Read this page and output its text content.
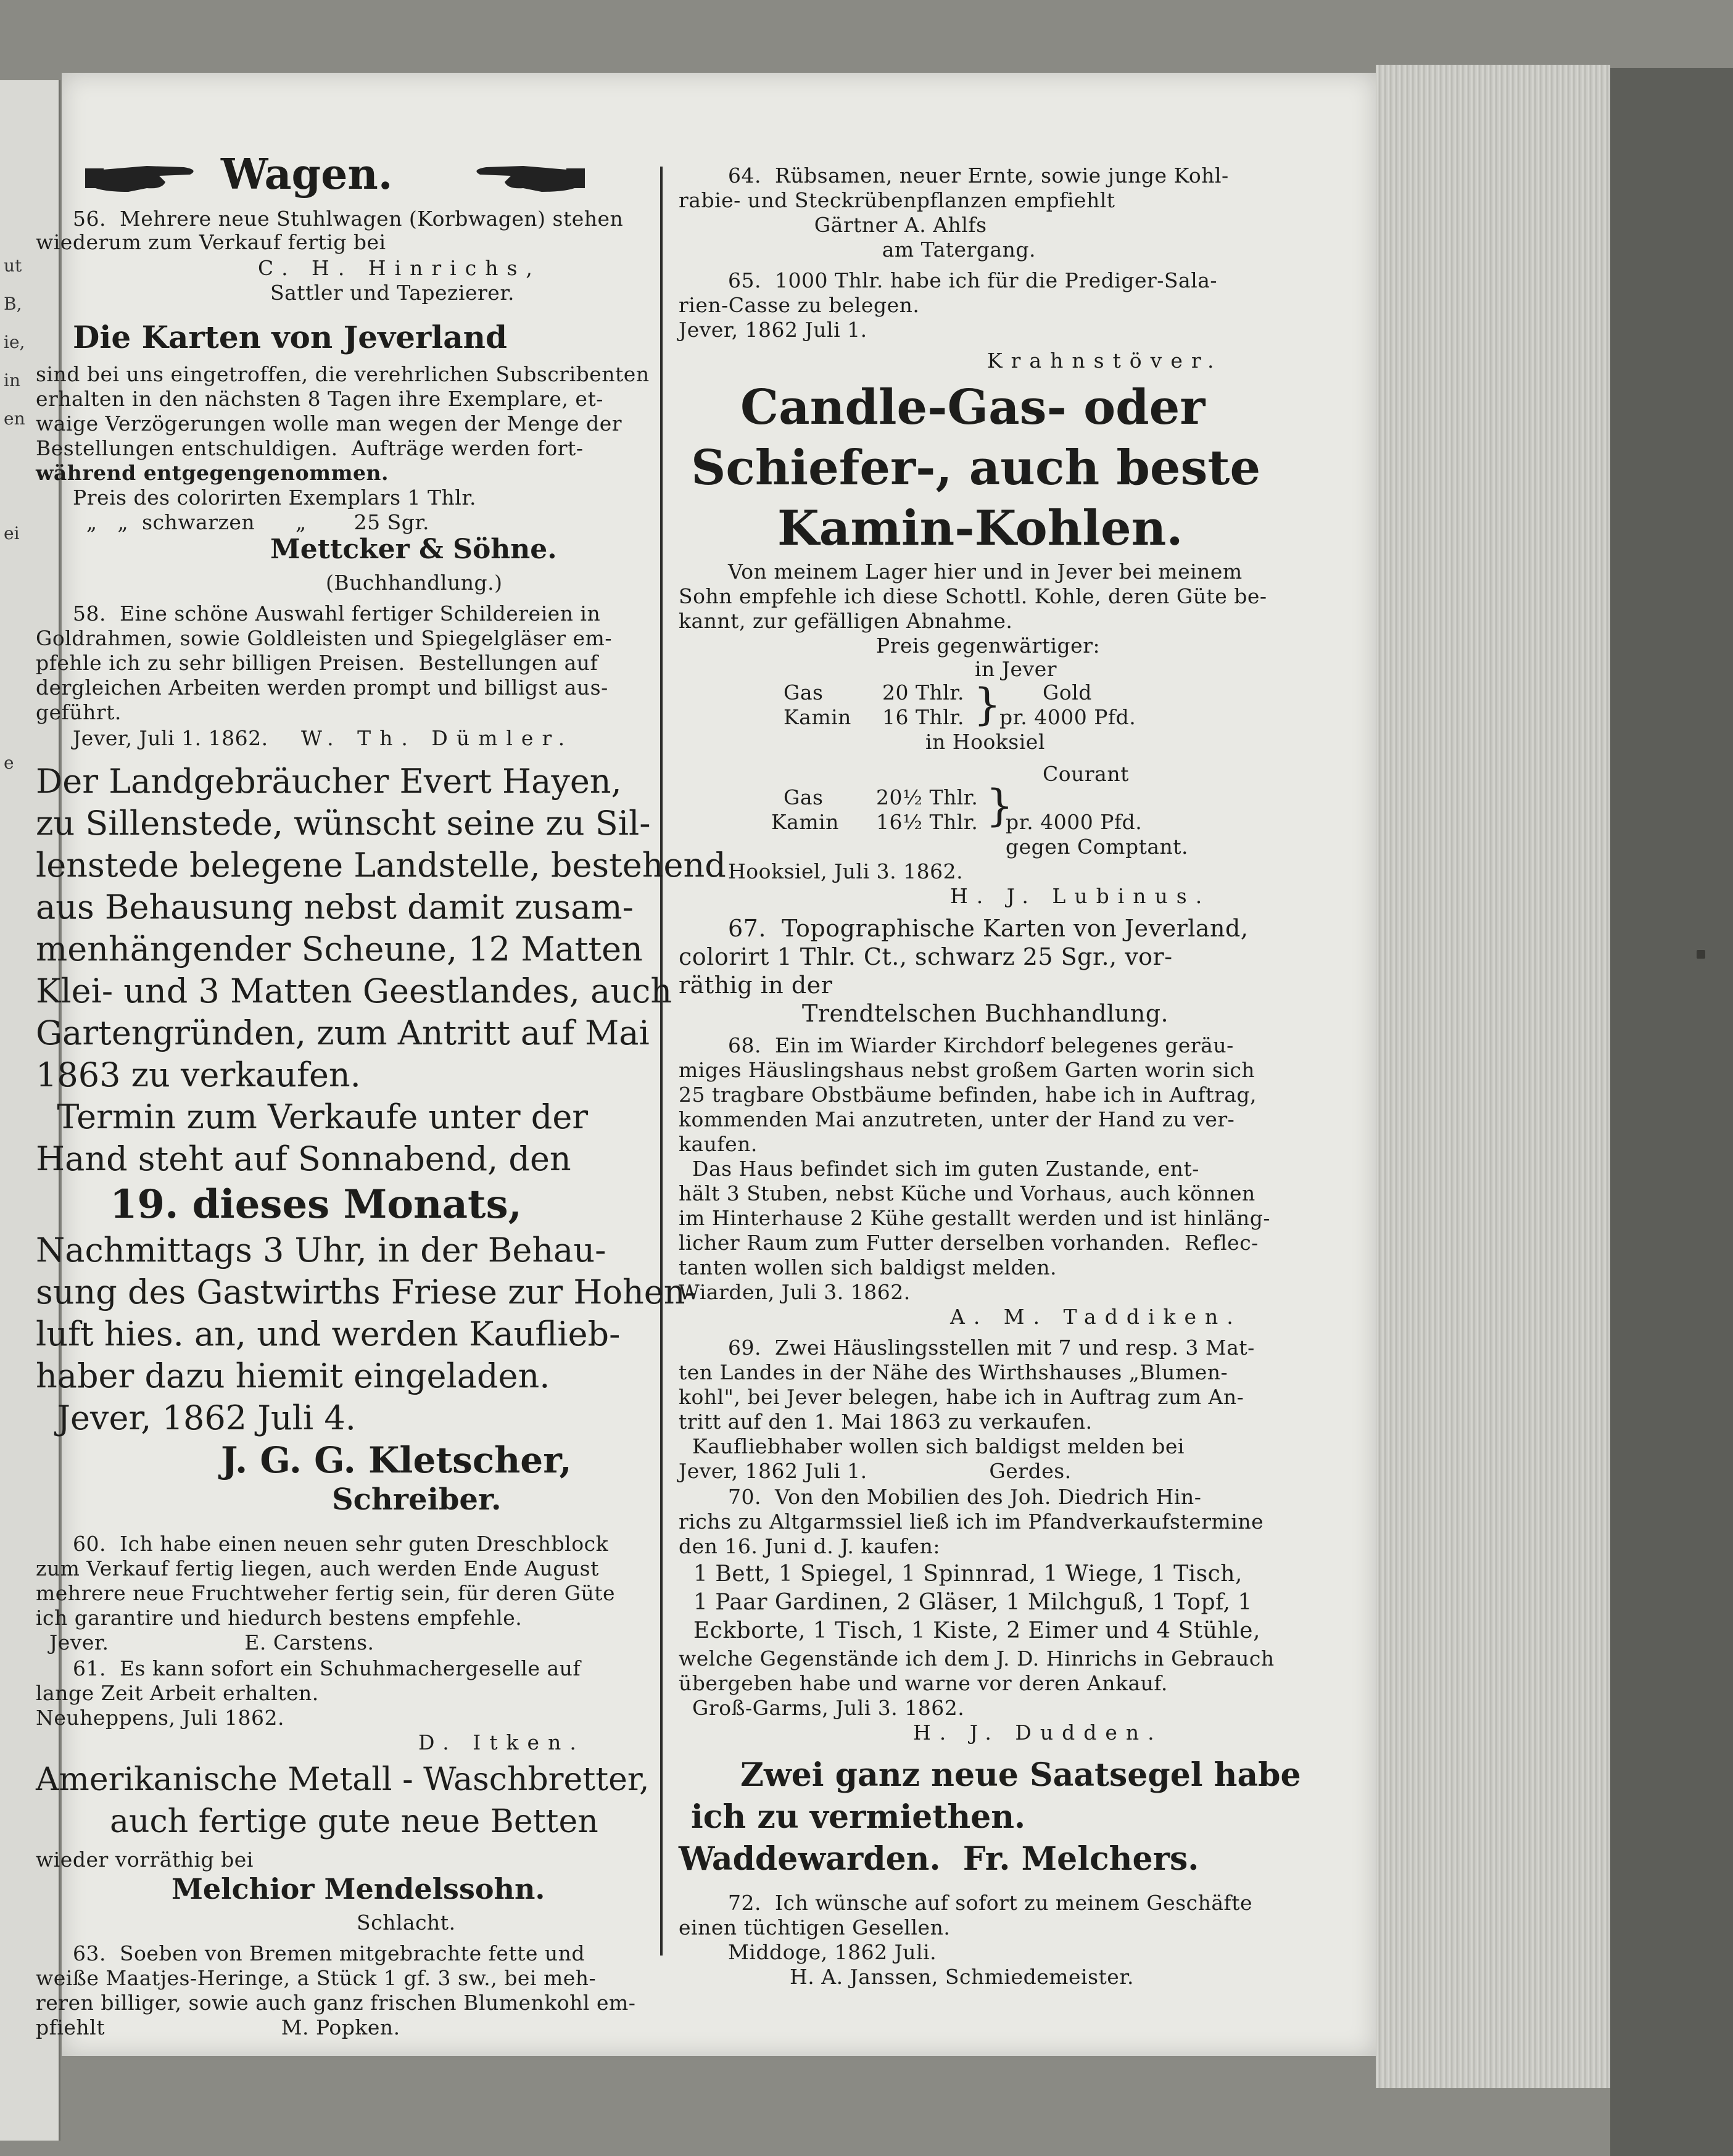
ut
B,
ie,
in
en

ei

e

Wagen.
56.  Mehrere neue Stuhlwagen (Korbwagen) stehen
wiederum zum Verkauf fertig bei
C. H. Hinrichs,
Sattler und Tapezierer.
Die Karten von Jeverland
sind bei uns eingetroffen, die verehrlichen Subscribenten
erhalten in den nächsten 8 Tagen ihre Exemplare, et-
waige Verzögerungen wolle man wegen der Menge der
Bestellungen entschuldigen.  Aufträge werden fort-
während entgegengenommen.
Preis des colorirten Exemplars 1 Thlr.
„   „  schwarzen      „       25 Sgr.
Mettcker & Söhne.
(Buchhandlung.)
58.  Eine schöne Auswahl fertiger Schildereien in
Goldrahmen, sowie Goldleisten und Spiegelgläser em-
pfehle ich zu sehr billigen Preisen.  Bestellungen auf
dergleichen Arbeiten werden prompt und billigst aus-
geführt.
Jever, Juli 1. 1862. W. Th. Dümler.
Der Landgebräucher Evert Hayen,
zu Sillenstede, wünscht seine zu Sil-
lenstede belegene Landstelle, bestehend
aus Behausung nebst damit zusam-
menhängender Scheune, 12 Matten
Klei- und 3 Matten Geestlandes, auch
Gartengründen, zum Antritt auf Mai
1863 zu verkaufen.
Termin zum Verkaufe unter der
Hand steht auf Sonnabend, den
19. dieses Monats,
Nachmittags 3 Uhr, in der Behau-
sung des Gastwirths Friese zur Hohen-
luft hies. an, und werden Kauflieb-
haber dazu hiemit eingeladen.
Jever, 1862 Juli 4.
J. G. G. Kletscher,
Schreiber.
60.  Ich habe einen neuen sehr guten Dreschblock
zum Verkauf fertig liegen, auch werden Ende August
mehrere neue Fruchtweher fertig sein, für deren Güte
ich garantire und hiedurch bestens empfehle.
Jever.                    E. Carstens.
61.  Es kann sofort ein Schuhmachergeselle auf
lange Zeit Arbeit erhalten.
Neuheppens, Juli 1862.
D. Itken.
Amerikanische Metall - Waschbretter,
auch fertige gute neue Betten
wieder vorräthig bei
Melchior Mendelssohn.
Schlacht.
63.  Soeben von Bremen mitgebrachte fette und
weiße Maatjes-Heringe, a Stück 1 gf. 3 sw., bei meh-
reren billiger, sowie auch ganz frischen Blumenkohl em-
pfiehlt                          M. Popken.
64.  Rübsamen, neuer Ernte, sowie junge Kohl-
rabie- und Steckrübenpflanzen empfiehlt
Gärtner A. Ahlfs
am Tatergang.
65.  1000 Thlr. habe ich für die Prediger-Sala-
rien-Casse zu belegen.
Jever, 1862 Juli 1.
Krahnstöver.
Candle-Gas- oder
Schiefer-, auch beste
Kamin-Kohlen.
Von meinem Lager hier und in Jever bei meinem
Sohn empfehle ich diese Schottl. Kohle, deren Güte be-
kannt, zur gefälligen Abnahme.
Preis gegenwärtiger:
in Jever
Gas	20 Thlr.	Gold
}
Kamin 16 Thlr. pr. 4000 Pfd.
in Hooksiel
Courant
Gas	20½ Thlr. }
pr. 4000 Pfd.
Kamin 16½ Thlr.
gegen Comptant.
Hooksiel, Juli 3. 1862.
H. J. Lubinus.
67.  Topographische Karten von Jeverland,
colorirt 1 Thlr. Ct., schwarz 25 Sgr., vor-
räthig in der
Trendtelschen Buchhandlung.
68.  Ein im Wiarder Kirchdorf belegenes geräu-
miges Häuslingshaus nebst großem Garten worin sich
25 tragbare Obstbäume befinden, habe ich in Auftrag,
kommenden Mai anzutreten, unter der Hand zu ver-
kaufen.
Das Haus befindet sich im guten Zustande, ent-
hält 3 Stuben, nebst Küche und Vorhaus, auch können
im Hinterhause 2 Kühe gestallt werden und ist hinläng-
licher Raum zum Futter derselben vorhanden.  Reflec-
tanten wollen sich baldigst melden.
Wiarden, Juli 3. 1862.
A. M. Taddiken.
69.  Zwei Häuslingsstellen mit 7 und resp. 3 Mat-
ten Landes in der Nähe des Wirthshauses „Blumen-
kohl", bei Jever belegen, habe ich in Auftrag zum An-
tritt auf den 1. Mai 1863 zu verkaufen.
Kaufliebhaber wollen sich baldigst melden bei
Jever, 1862 Juli 1.                  Gerdes.
70.  Von den Mobilien des Joh. Diedrich Hin-
richs zu Altgarmssiel ließ ich im Pfandverkaufstermine
den 16. Juni d. J. kaufen:
1 Bett, 1 Spiegel, 1 Spinnrad, 1 Wiege, 1 Tisch,
1 Paar Gardinen, 2 Gläser, 1 Milchguß, 1 Topf, 1
Eckborte, 1 Tisch, 1 Kiste, 2 Eimer und 4 Stühle,
welche Gegenstände ich dem J. D. Hinrichs in Gebrauch
übergeben habe und warne vor deren Ankauf.
Groß-Garms, Juli 3. 1862.
H. J. Dudden.
Zwei ganz neue Saatsegel habe
ich zu vermiethen.
Waddewarden.  Fr. Melchers.
72.  Ich wünsche auf sofort zu meinem Geschäfte
einen tüchtigen Gesellen.
Middoge, 1862 Juli.
H. A. Janssen, Schmiedemeister.
